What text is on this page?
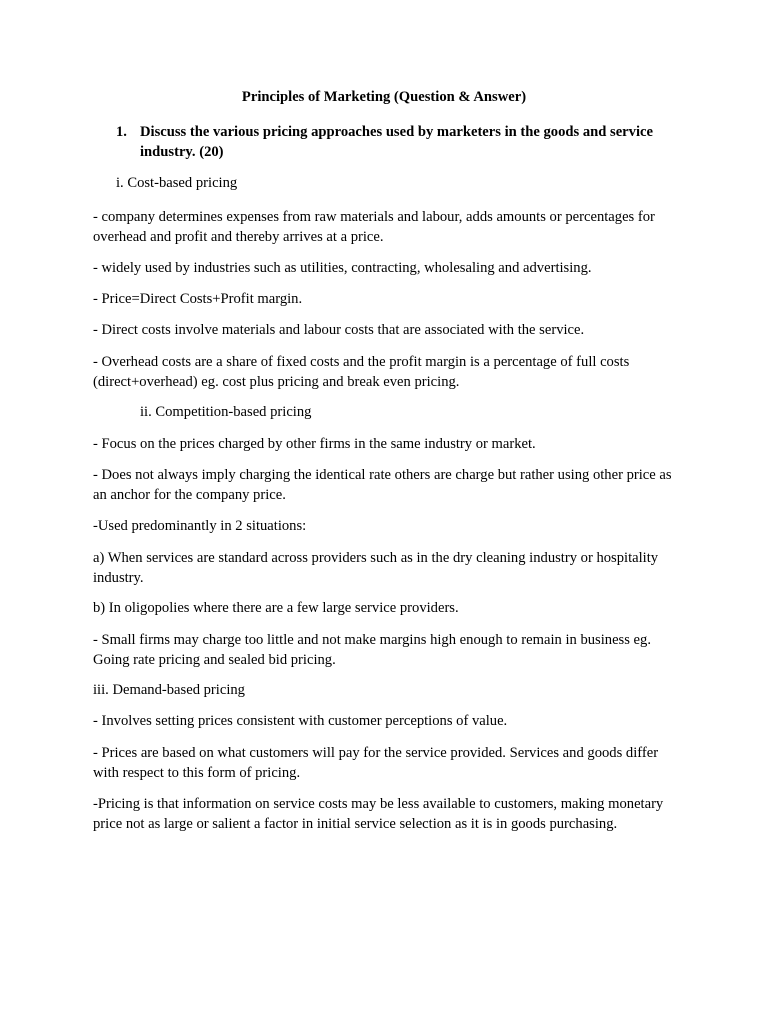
Principles of Marketing (Question & Answer)
1. Discuss the various pricing approaches used by marketers in the goods and service industry. (20)
i. Cost-based pricing
- company determines expenses from raw materials and labour, adds amounts or percentages for overhead and profit and thereby arrives at a price.
- widely used by industries such as utilities, contracting, wholesaling and advertising.
- Price=Direct Costs+Profit margin.
- Direct costs involve materials and labour costs that are associated with the service.
- Overhead costs are a share of fixed costs and the profit margin is a percentage of full costs (direct+overhead) eg. cost plus pricing and break even pricing.
ii. Competition-based pricing
- Focus on the prices charged by other firms in the same industry or market.
- Does not always imply charging the identical rate others are charge but rather using other price as an anchor for the company price.
-Used predominantly in 2 situations:
a) When services are standard across providers such as in the dry cleaning industry or hospitality industry.
b) In oligopolies where there are a few large service providers.
- Small firms may charge too little and not make margins high enough to remain in business eg. Going rate pricing and sealed bid pricing.
iii. Demand-based pricing
- Involves setting prices consistent with customer perceptions of value.
- Prices are based on what customers will pay for the service provided. Services and goods differ with respect to this form of pricing.
-Pricing is that information on service costs may be less available to customers, making monetary price not as large or salient a factor in initial service selection as it is in goods purchasing.
